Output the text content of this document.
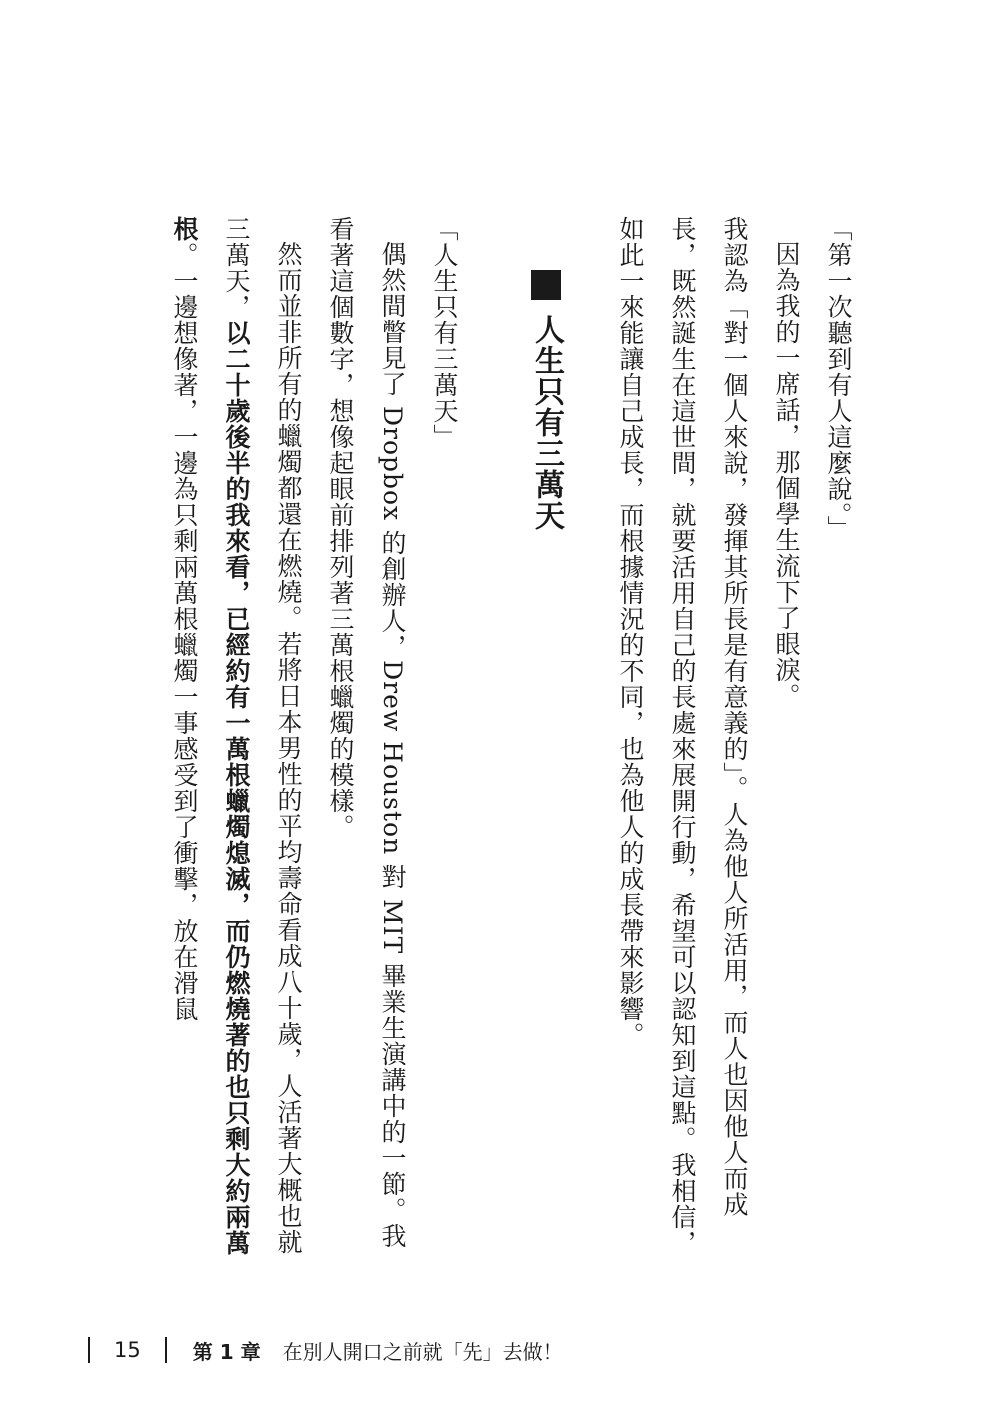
「第一次聽到有人這麼說。」

因為我的一席話，那個學生流下了眼淚。

我認為「對一個人來說，發揮其所長是有意義的」。人為他人所活用，而人也因他人而成長，既然誕生在這世間，就要活用自己的長處來展開行動，希望可以認知到這點。我相信，如此一來能讓自己成長，而根據情況的不同，也為他人的成長帶來影響。

人生只有三萬天

「人生只有三萬天」

偶然間瞥見了 Dropbox 的創辦人，Drew Houston 對 MIT 畢業生演講中的一節。我看著這個數字，想像起眼前排列著三萬根蠟燭的模樣。

然而並非所有的蠟燭都還在燃燒。若將日本男性的平均壽命看成八十歲，人活著大概也就三萬天，以二十歲後半的我來看，已經約有一萬根蠟燭熄滅，而仍燃燒著的也只剩大約兩萬根。一邊想像著，一邊為只剩兩萬根蠟燭一事感受到了衝擊，放在滑鼠

15	第 1 章 在別人開口之前就「先」去做！
